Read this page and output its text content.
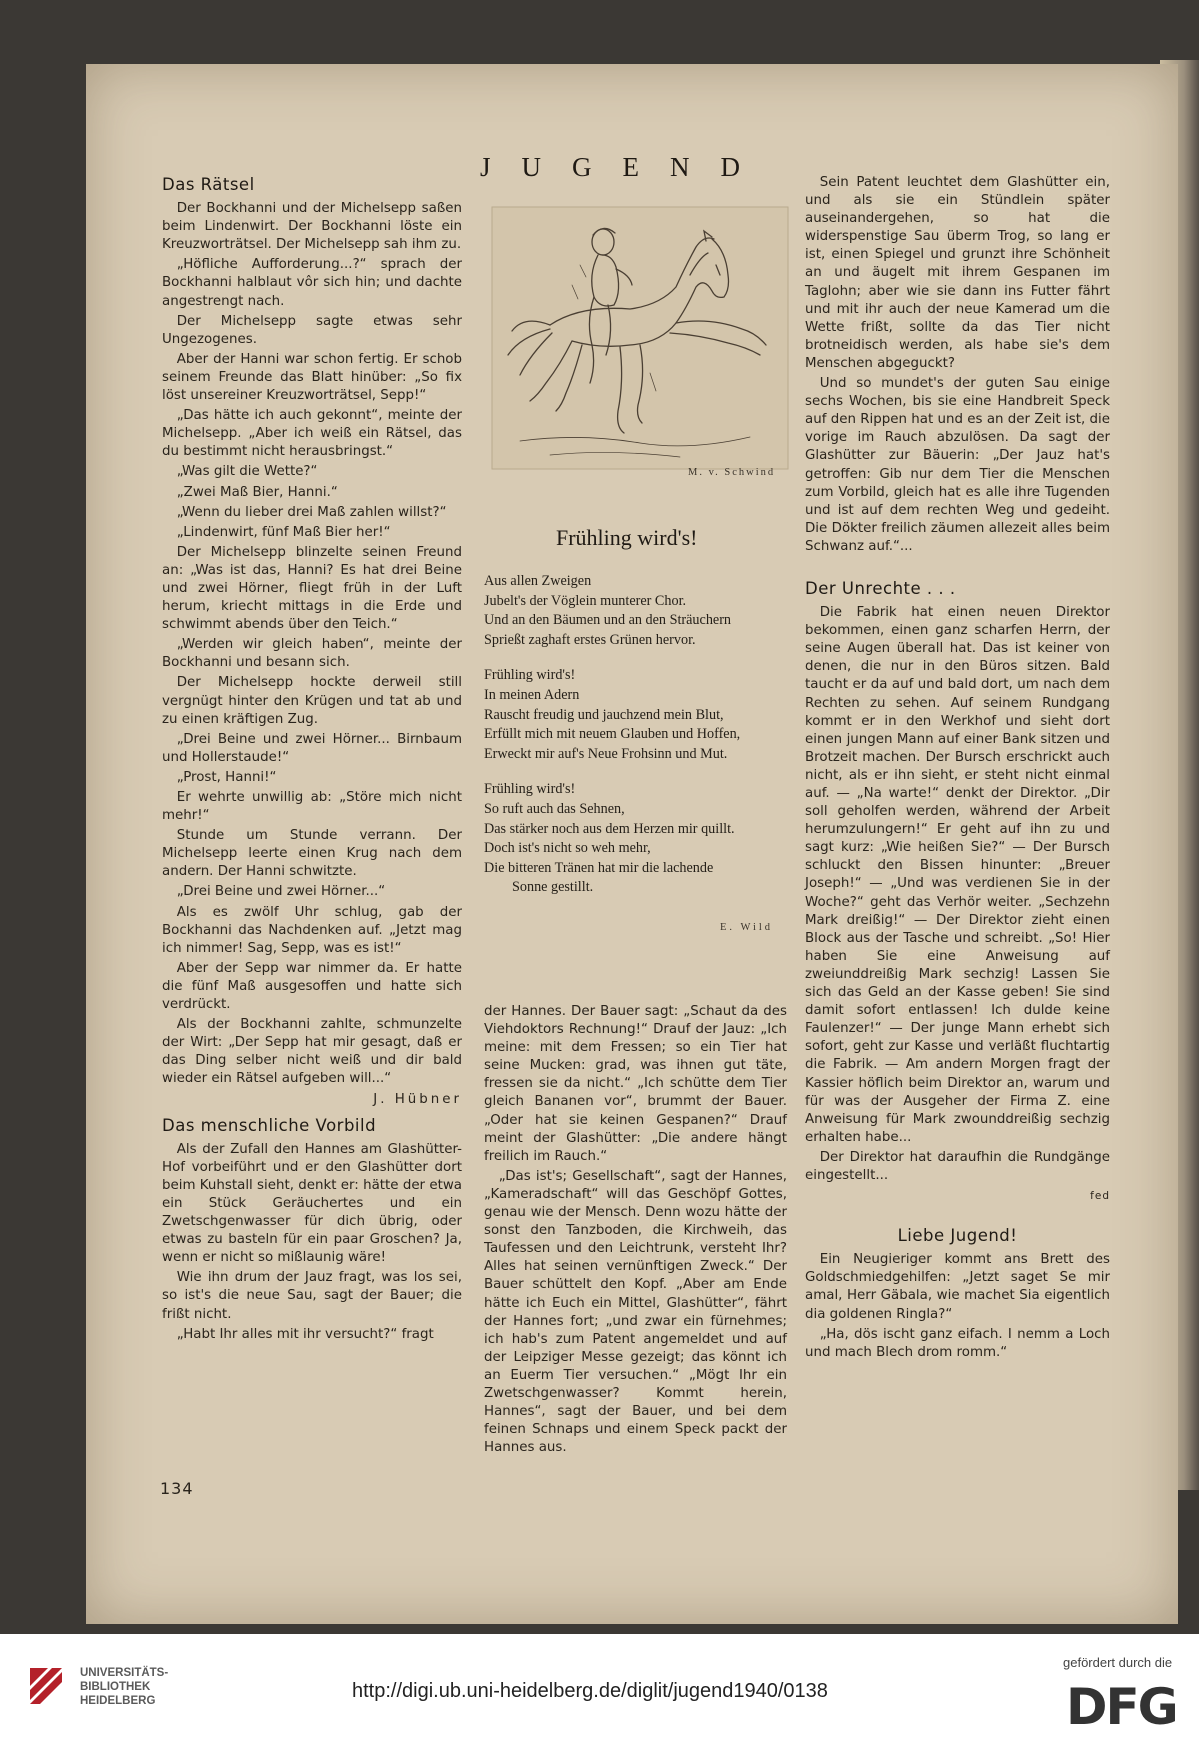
JUGEND
Das Rätsel

Der Bockhanni und der Michelsepp saßen beim Lindenwirt. Der Bockhanni löste ein Kreuzworträtsel. Der Michelsepp sah ihm zu.

„Höfliche Aufforderung...?“ sprach der Bockhanni halblaut vôr sich hin; und dachte angestrengt nach.

Der Michelsepp sagte etwas sehr Ungezogenes.

Aber der Hanni war schon fertig. Er schob seinem Freunde das Blatt hinüber: „So fix löst unsereiner Kreuzworträtsel, Sepp!“

„Das hätte ich auch gekonnt“, meinte der Michelsepp. „Aber ich weiß ein Rätsel, das du bestimmt nicht herausbringst.“

„Was gilt die Wette?“

„Zwei Maß Bier, Hanni.“

„Wenn du lieber drei Maß zahlen willst?“

„Lindenwirt, fünf Maß Bier her!“

Der Michelsepp blinzelte seinen Freund an: „Was ist das, Hanni? Es hat drei Beine und zwei Hörner, fliegt früh in der Luft herum, kriecht mittags in die Erde und schwimmt abends über den Teich.“

„Werden wir gleich haben“, meinte der Bockhanni und besann sich.

Der Michelsepp hockte derweil still vergnügt hinter den Krügen und tat ab und zu einen kräftigen Zug.

„Drei Beine und zwei Hörner... Birnbaum und Hollerstaude!“

„Prost, Hanni!“

Er wehrte unwillig ab: „Störe mich nicht mehr!“

Stunde um Stunde verrann. Der Michelsepp leerte einen Krug nach dem andern. Der Hanni schwitzte.

„Drei Beine und zwei Hörner...“

Als es zwölf Uhr schlug, gab der Bockhanni das Nachdenken auf. „Jetzt mag ich nimmer! Sag, Sepp, was es ist!“

Aber der Sepp war nimmer da. Er hatte die fünf Maß ausgesoffen und hatte sich verdrückt.

Als der Bockhanni zahlte, schmunzelte der Wirt: „Der Sepp hat mir gesagt, daß er das Ding selber nicht weiß und dir bald wieder ein Rätsel aufgeben will...“

J. Hübner
Das menschliche Vorbild

Als der Zufall den Hannes am Glashütter-Hof vorbeiführt und er den Glashütter dort beim Kuhstall sieht, denkt er: hätte der etwa ein Stück Geräuchertes und ein Zwetschgenwasser für dich übrig, oder etwas zu basteln für ein paar Groschen? Ja, wenn er nicht so mißlaunig wäre!

Wie ihn drum der Jauz fragt, was los sei, so ist's die neue Sau, sagt der Bauer; die frißt nicht.

„Habt Ihr alles mit ihr versucht?“ fragt

M. v. Schwind
Frühling wird's!
Aus allen Zweigen
Jubelt's der Vöglein munterer Chor.
Und an den Bäumen und an den Sträuchern
Sprießt zaghaft erstes Grünen hervor.
Frühling wird's!
In meinen Adern
Rauscht freudig und jauchzend mein Blut,
Erfüllt mich mit neuem Glauben und Hoffen,
Erweckt mir auf's Neue Frohsinn und Mut.
Frühling wird's!
So ruft auch das Sehnen,
Das stärker noch aus dem Herzen mir quillt.
Doch ist's nicht so weh mehr,
Die bitteren Tränen hat mir die lachende
Sonne gestillt.
E. Wild

der Hannes. Der Bauer sagt: „Schaut da des Viehdoktors Rechnung!“ Drauf der Jauz: „Ich meine: mit dem Fressen; so ein Tier hat seine Mucken: grad, was ihnen gut täte, fressen sie da nicht.“ „Ich schütte dem Tier gleich Bananen vor“, brummt der Bauer. „Oder hat sie keinen Gespanen?“ Drauf meint der Glashütter: „Die andere hängt freilich im Rauch.“

„Das ist's; Gesellschaft“, sagt der Hannes, „Kameradschaft“ will das Geschöpf Gottes, genau wie der Mensch. Denn wozu hätte der sonst den Tanzboden, die Kirchweih, das Taufessen und den Leichtrunk, versteht Ihr? Alles hat seinen vernünftigen Zweck.“ Der Bauer schüttelt den Kopf. „Aber am Ende hätte ich Euch ein Mittel, Glashütter“, fährt der Hannes fort; „und zwar ein fürnehmes; ich hab's zum Patent angemeldet und auf der Leipziger Messe gezeigt; das könnt ich an Euerm Tier versuchen.“ „Mögt Ihr ein Zwetschgenwasser? Kommt herein, Hannes“, sagt der Bauer, und bei dem feinen Schnaps und einem Speck packt der Hannes aus.

Sein Patent leuchtet dem Glashütter ein, und als sie ein Stündlein später auseinandergehen, so hat die widerspenstige Sau überm Trog, so lang er ist, einen Spiegel und grunzt ihre Schönheit an und äugelt mit ihrem Gespanen im Taglohn; aber wie sie dann ins Futter fährt und mit ihr auch der neue Kamerad um die Wette frißt, sollte da das Tier nicht brotneidisch werden, als habe sie's dem Menschen abgeguckt?

Und so mundet's der guten Sau einige sechs Wochen, bis sie eine Handbreit Speck auf den Rippen hat und es an der Zeit ist, die vorige im Rauch abzulösen. Da sagt der Glashütter zur Bäuerin: „Der Jauz hat's getroffen: Gib nur dem Tier die Menschen zum Vorbild, gleich hat es alle ihre Tugenden und ist auf dem rechten Weg und gedeiht. Die Dökter freilich zäumen allezeit alles beim Schwanz auf.“...

Der Unrechte . . .

Die Fabrik hat einen neuen Direktor bekommen, einen ganz scharfen Herrn, der seine Augen überall hat. Das ist keiner von denen, die nur in den Büros sitzen. Bald taucht er da auf und bald dort, um nach dem Rechten zu sehen. Auf seinem Rundgang kommt er in den Werkhof und sieht dort einen jungen Mann auf einer Bank sitzen und Brotzeit machen. Der Bursch erschrickt auch nicht, als er ihn sieht, er steht nicht einmal auf. — „Na warte!“ denkt der Direktor. „Dir soll geholfen werden, während der Arbeit herumzulungern!“ Er geht auf ihn zu und sagt kurz: „Wie heißen Sie?“ — Der Bursch schluckt den Bissen hinunter: „Breuer Joseph!“ — „Und was verdienen Sie in der Woche?“ geht das Verhör weiter. „Sechzehn Mark dreißig!“ — Der Direktor zieht einen Block aus der Tasche und schreibt. „So! Hier haben Sie eine Anweisung auf zweiunddreißig Mark sechzig! Lassen Sie sich das Geld an der Kasse geben! Sie sind damit sofort entlassen! Ich dulde keine Faulenzer!“ — Der junge Mann erhebt sich sofort, geht zur Kasse und verläßt fluchtartig die Fabrik. — Am andern Morgen fragt der Kassier höflich beim Direktor an, warum und für was der Ausgeher der Firma Z. eine Anweisung für Mark zwounddreißig sechzig erhalten habe...

Der Direktor hat daraufhin die Rundgänge eingestellt...

fed
Liebe Jugend!

Ein Neugieriger kommt ans Brett des Goldschmiedgehilfen: „Jetzt saget Se mir amal, Herr Gäbala, wie machet Sia eigentlich dia goldenen Ringla?“

„Ha, dös ischt ganz eifach. I nemm a Loch und mach Blech drom romm.“

134
UNIVERSITÄTS-
BIBLIOTHEK
HEIDELBERG	http://digi.ub.uni-heidelberg.de/diglit/jugend1940/0138
gefördert durch die
DFG
